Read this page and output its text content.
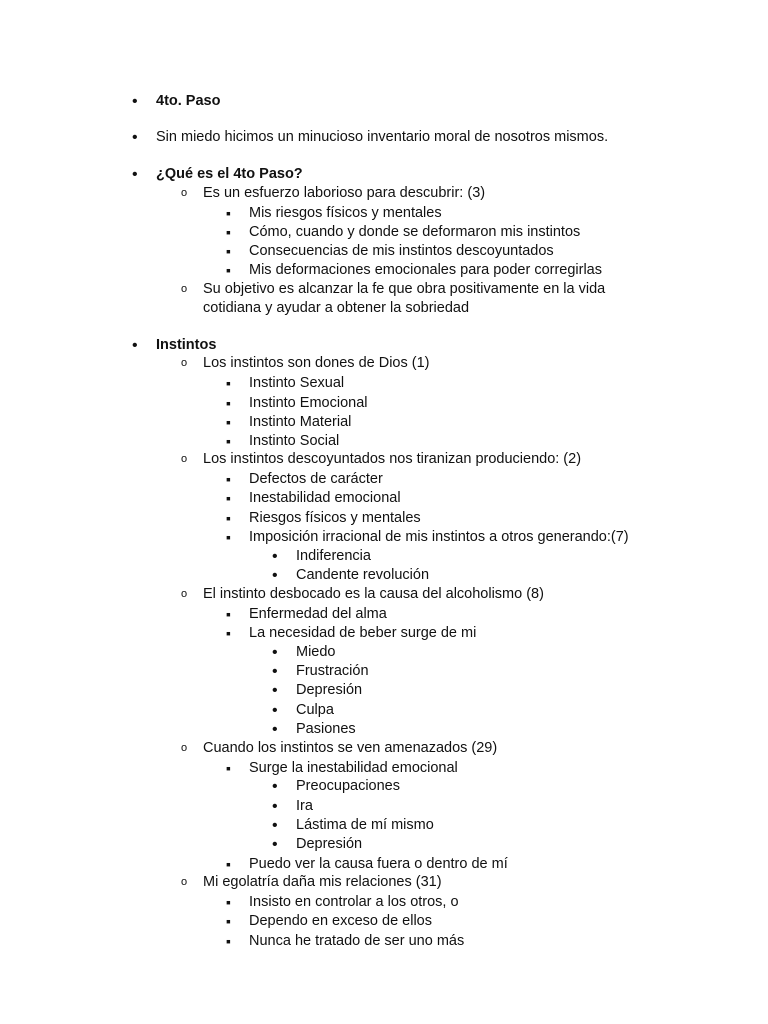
•
4to. Paso
•
Sin miedo hicimos un minucioso inventario moral de nosotros mismos.
•
¿Qué es el 4to Paso?
o
Es un esfuerzo laborioso para descubrir: (3)
▪
Mis riesgos físicos y mentales
▪
Cómo, cuando y donde se deformaron mis instintos
▪
Consecuencias de mis instintos descoyuntados
▪
Mis deformaciones emocionales para poder corregirlas
o
Su objetivo es alcanzar la fe que obra positivamente en la vida
cotidiana y ayudar a obtener la sobriedad
•
Instintos
o
Los instintos son dones de Dios (1)
▪
Instinto Sexual
▪
Instinto Emocional
▪
Instinto Material
▪
Instinto Social
o
Los instintos descoyuntados nos tiranizan produciendo: (2)
▪
Defectos de carácter
▪
Inestabilidad emocional
▪
Riesgos físicos y mentales
▪
Imposición irracional de mis instintos a otros generando:(7)
•
Indiferencia
•
Candente revolución
o
El instinto desbocado es la causa del alcoholismo (8)
▪
Enfermedad del alma
▪
La necesidad de beber surge de mi
•
Miedo
•
Frustración
•
Depresión
•
Culpa
•
Pasiones
o
Cuando los instintos se ven amenazados (29)
▪
Surge la inestabilidad emocional
•
Preocupaciones
•
Ira
•
Lástima de mí mismo
•
Depresión
▪
Puedo ver la causa fuera o dentro de mí
o
Mi egolatría daña mis relaciones (31)
▪
Insisto en controlar a los otros, o
▪
Dependo en exceso de ellos
▪
Nunca he tratado de ser uno más
